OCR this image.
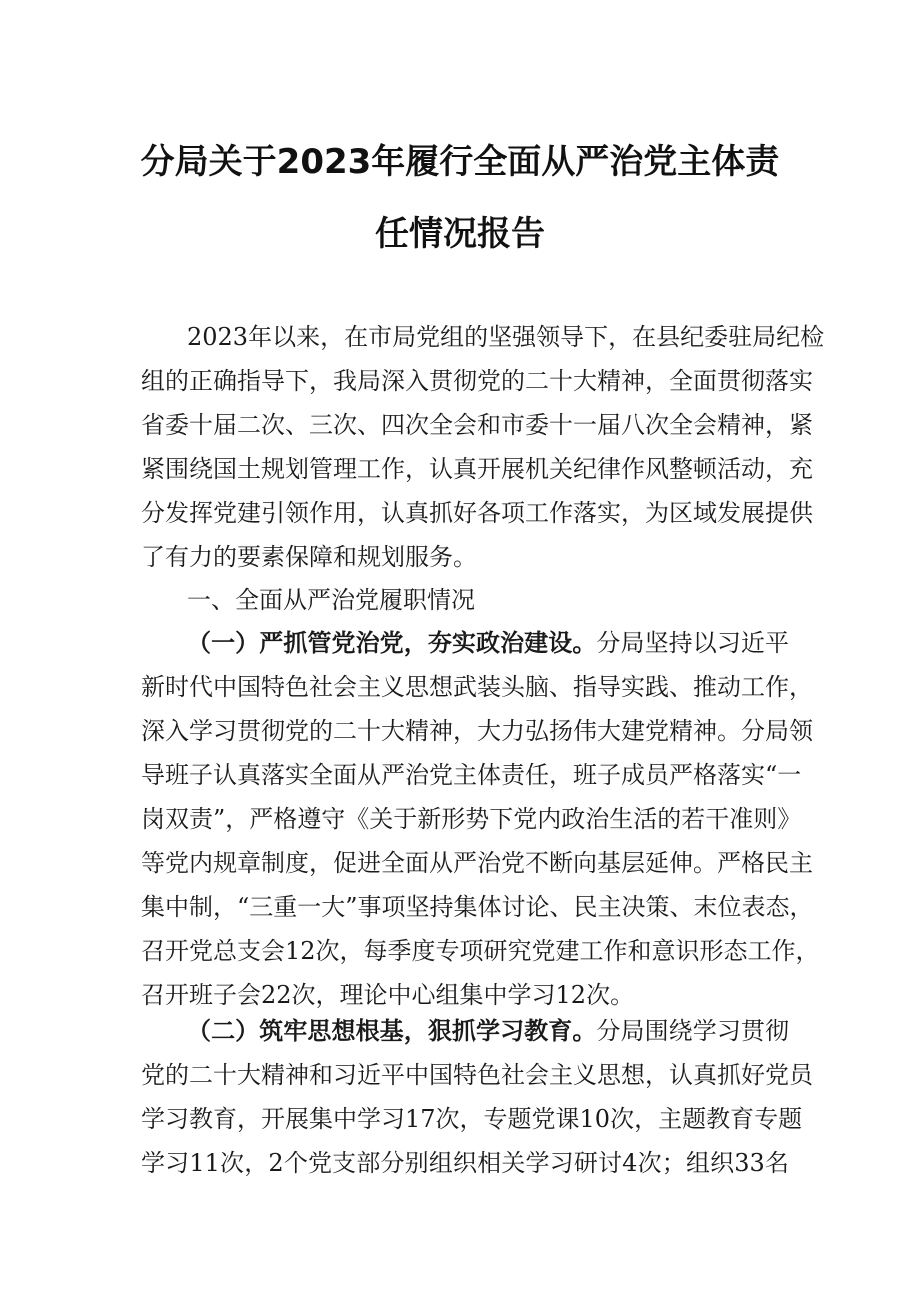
分局关于2023年履行全面从严治党主体责
任情况报告
2023年以来，在市局党组的坚强领导下，在县纪委驻局纪检
组的正确指导下，我局深入贯彻党的二十大精神，全面贯彻落实
省委十届二次、三次、四次全会和市委十一届八次全会精神，紧
紧围绕国土规划管理工作，认真开展机关纪律作风整顿活动，充
分发挥党建引领作用，认真抓好各项工作落实，为区域发展提供
了有力的要素保障和规划服务。
一、全面从严治党履职情况
（一）严抓管党治党，夯实政治建设。分局坚持以习近平
新时代中国特色社会主义思想武装头脑、指导实践、推动工作，
深入学习贯彻党的二十大精神，大力弘扬伟大建党精神。分局领
导班子认真落实全面从严治党主体责任，班子成员严格落实“一
岗双责”，严格遵守《关于新形势下党内政治生活的若干准则》
等党内规章制度，促进全面从严治党不断向基层延伸。严格民主
集中制，“三重一大”事项坚持集体讨论、民主决策、末位表态，
召开党总支会12次，每季度专项研究党建工作和意识形态工作，
召开班子会22次，理论中心组集中学习12次。
（二）筑牢思想根基，狠抓学习教育。分局围绕学习贯彻
党的二十大精神和习近平中国特色社会主义思想，认真抓好党员
学习教育，开展集中学习17次，专题党课10次，主题教育专题
学习11次，2个党支部分别组织相关学习研讨4次；组织33名
